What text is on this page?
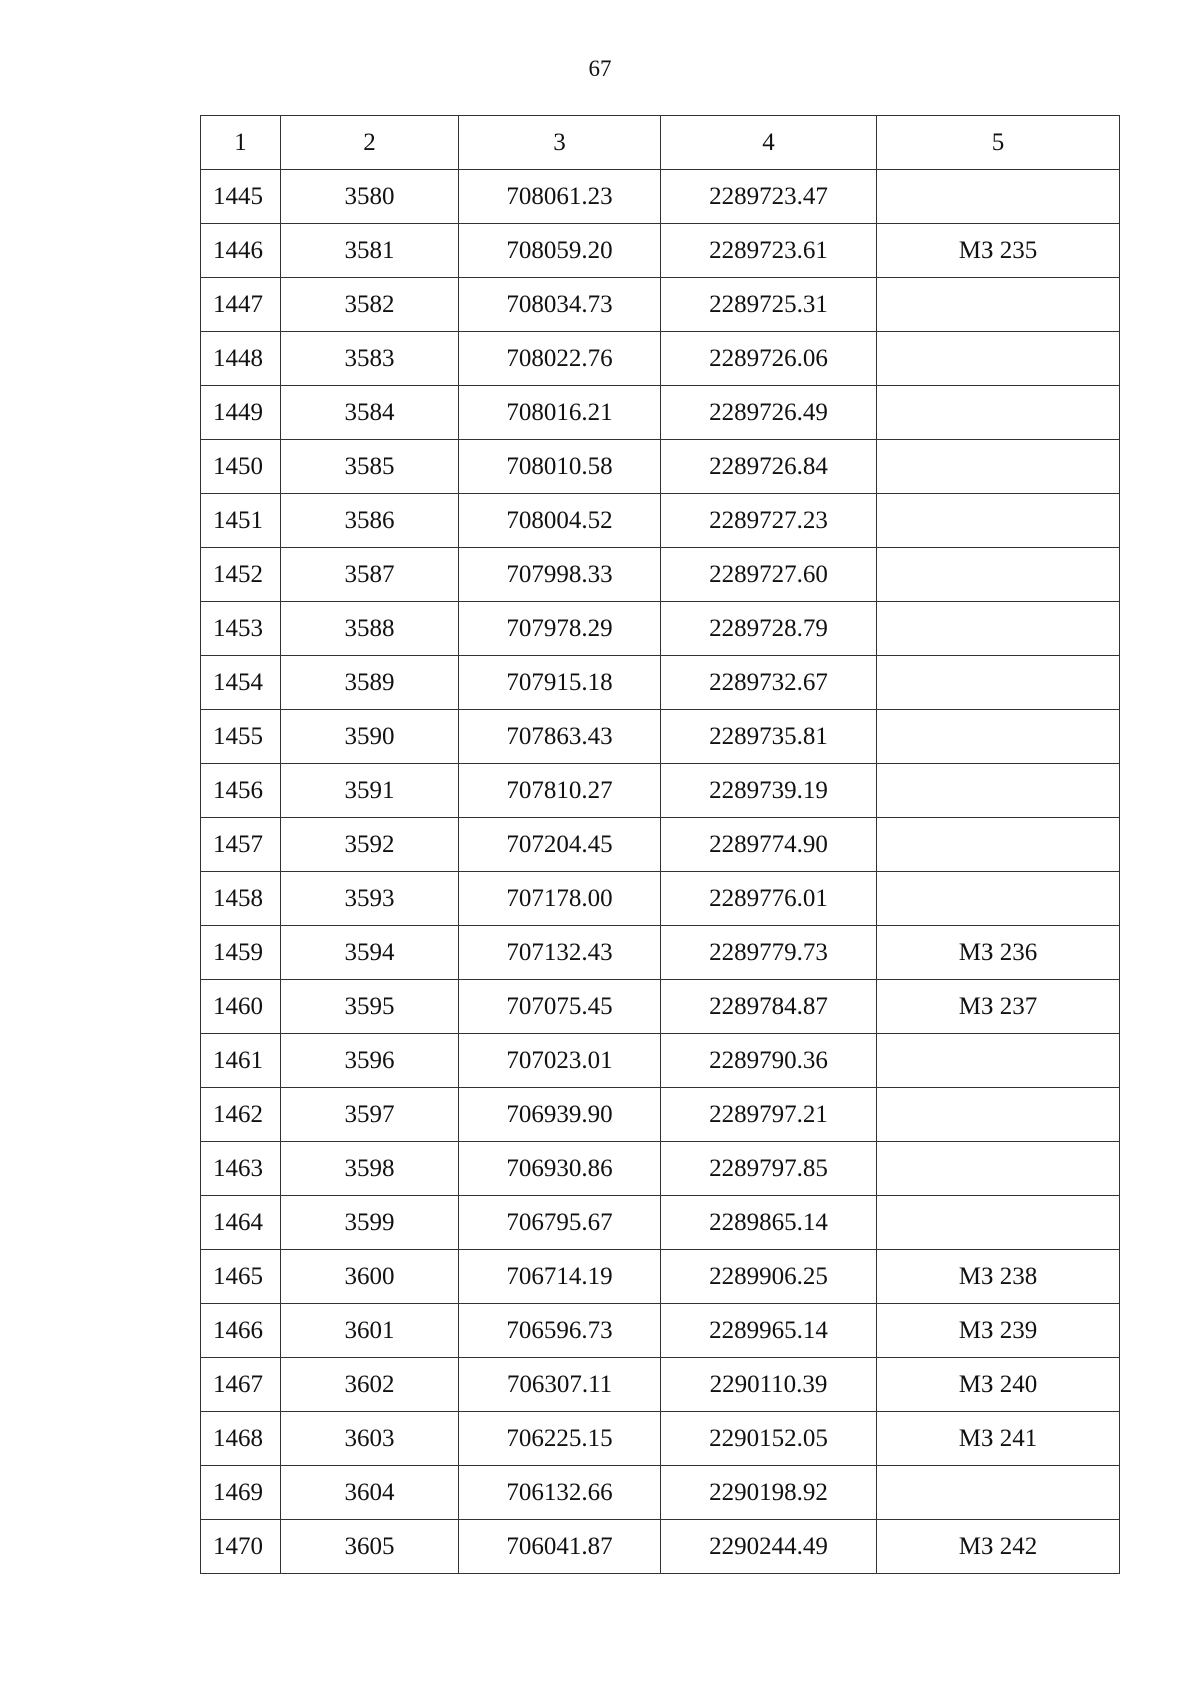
67
1	2	3	4	5
1445	3580	708061.23	2289723.47	
1446	3581	708059.20	2289723.61	МЗ 235
1447	3582	708034.73	2289725.31	
1448	3583	708022.76	2289726.06	
1449	3584	708016.21	2289726.49	
1450	3585	708010.58	2289726.84	
1451	3586	708004.52	2289727.23	
1452	3587	707998.33	2289727.60	
1453	3588	707978.29	2289728.79	
1454	3589	707915.18	2289732.67	
1455	3590	707863.43	2289735.81	
1456	3591	707810.27	2289739.19	
1457	3592	707204.45	2289774.90	
1458	3593	707178.00	2289776.01	
1459	3594	707132.43	2289779.73	МЗ 236
1460	3595	707075.45	2289784.87	МЗ 237
1461	3596	707023.01	2289790.36	
1462	3597	706939.90	2289797.21	
1463	3598	706930.86	2289797.85	
1464	3599	706795.67	2289865.14	
1465	3600	706714.19	2289906.25	МЗ 238
1466	3601	706596.73	2289965.14	МЗ 239
1467	3602	706307.11	2290110.39	МЗ 240
1468	3603	706225.15	2290152.05	МЗ 241
1469	3604	706132.66	2290198.92	
1470	3605	706041.87	2290244.49	МЗ 242
